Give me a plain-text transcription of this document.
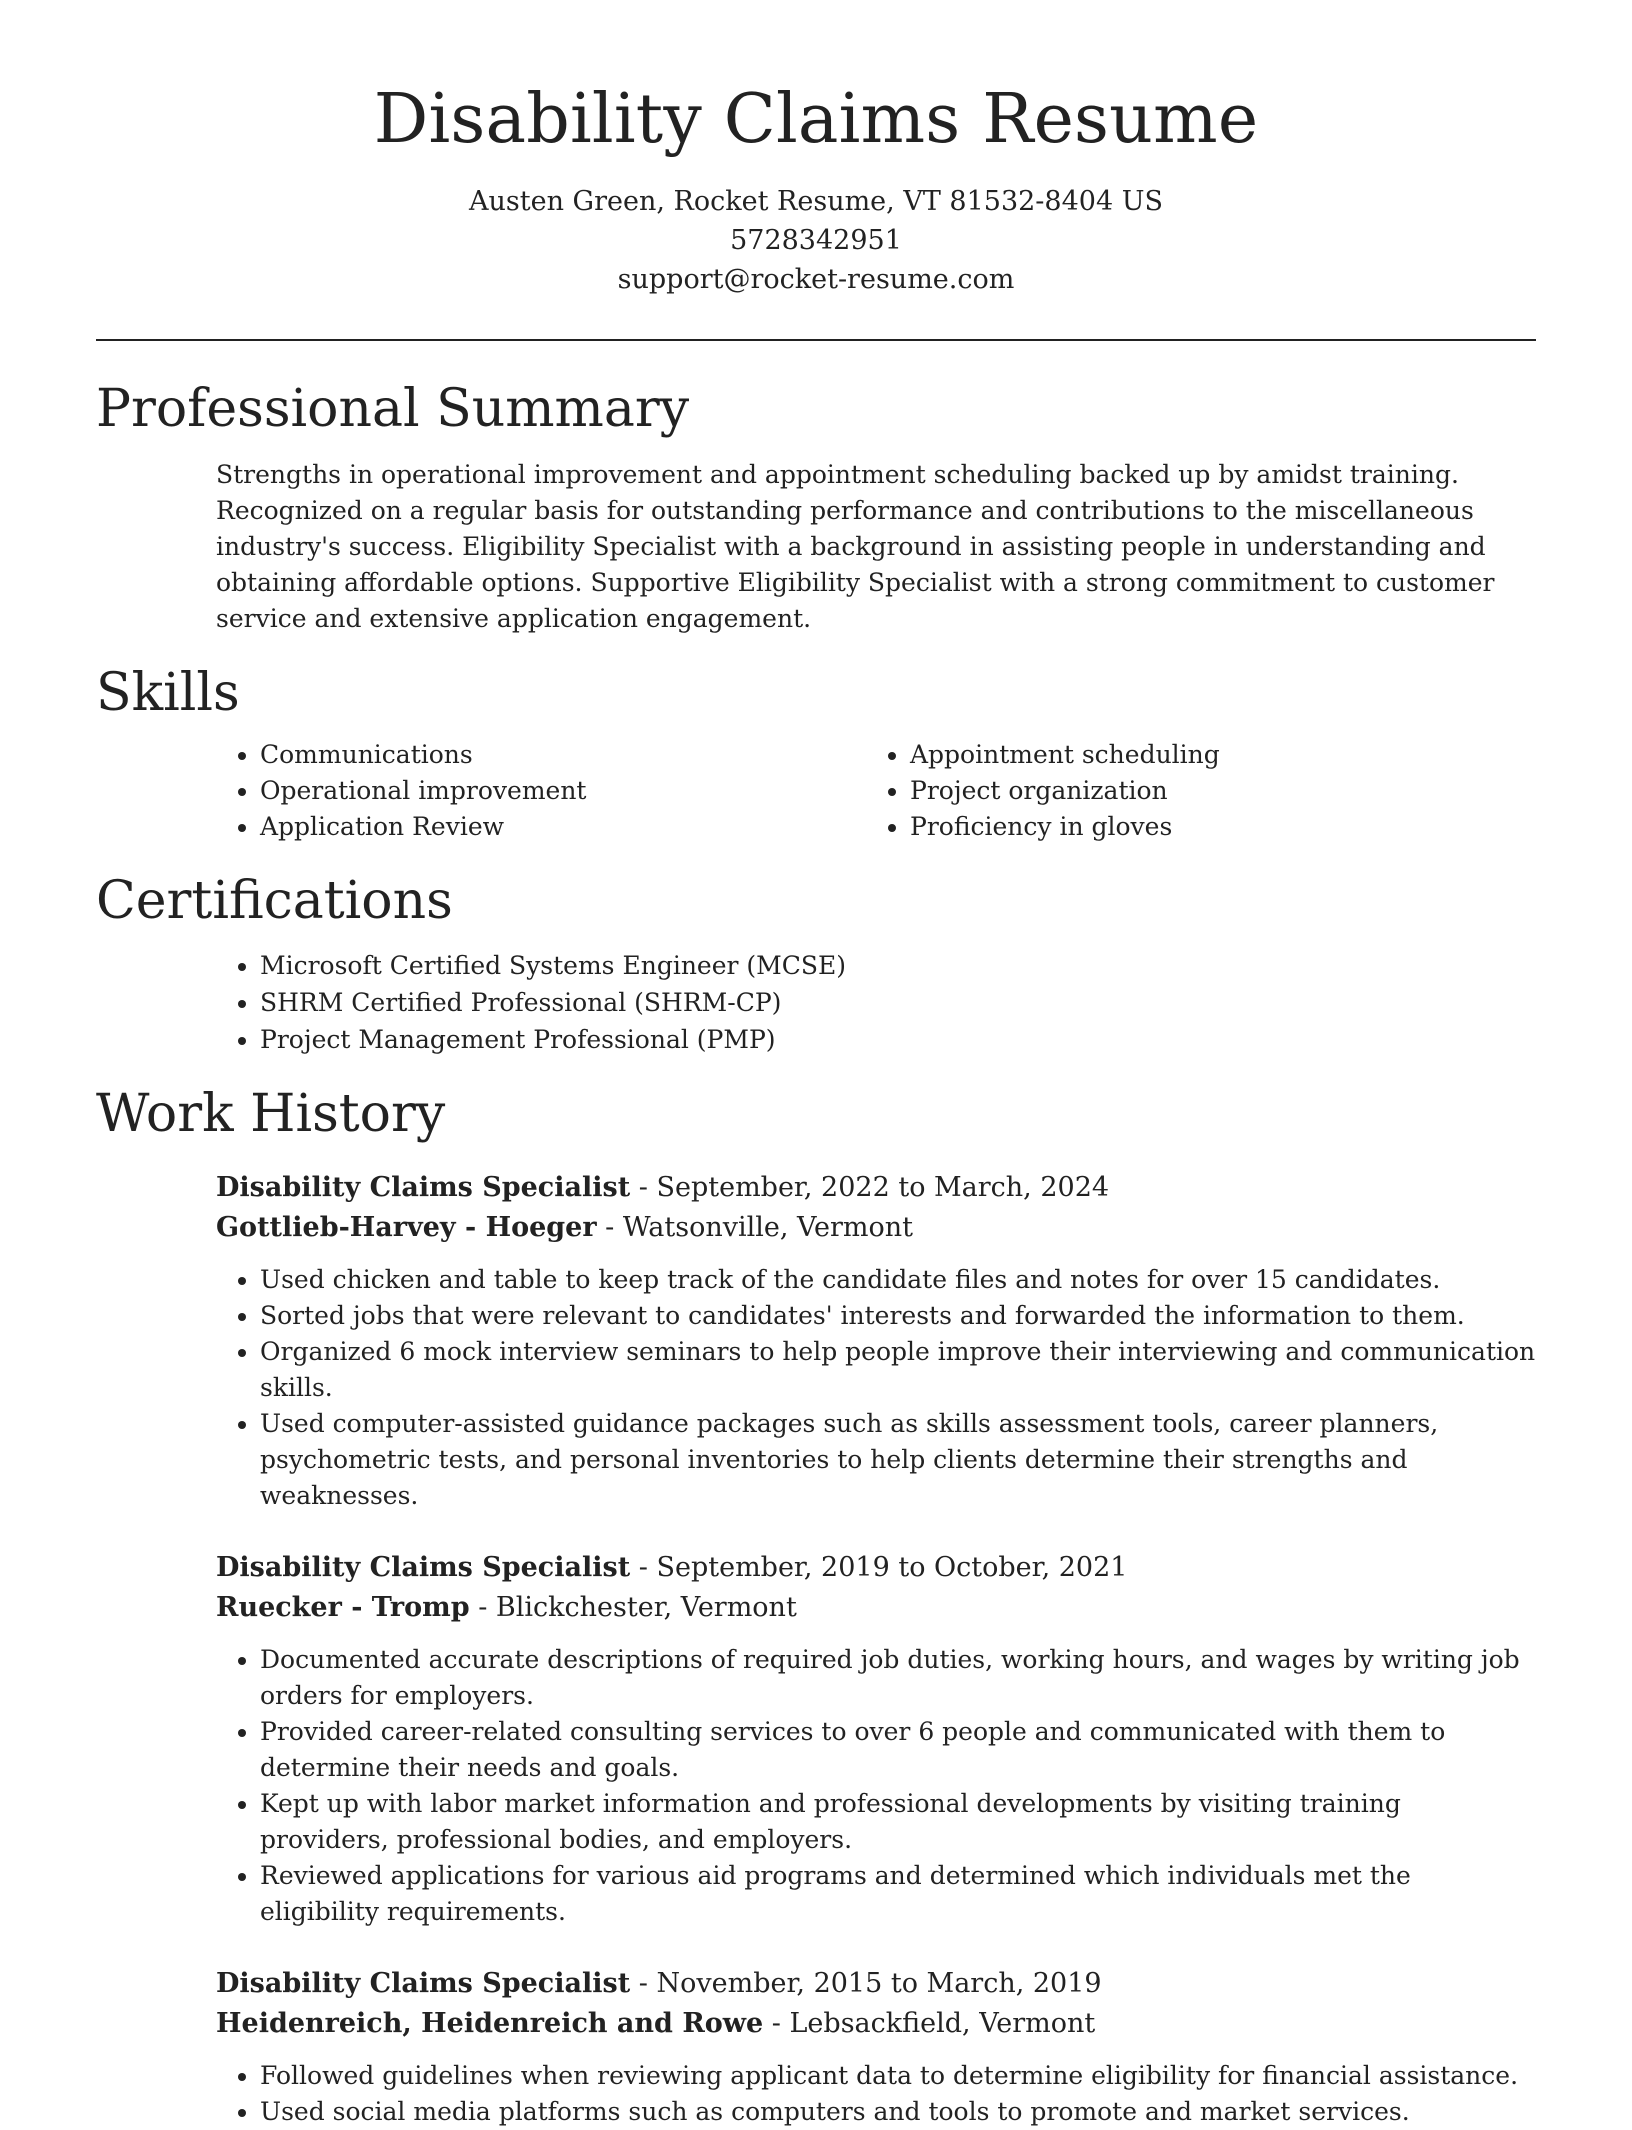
Disability Claims Resume
Austen Green, Rocket Resume, VT 81532-8404 US
5728342951
support@rocket-resume.com
Professional Summary

Strengths in operational improvement and appointment scheduling backed up by amidst training. Recognized on a regular basis for outstanding performance and contributions to the miscellaneous industry's success. Eligibility Specialist with a background in assisting people in understanding and obtaining affordable options. Supportive Eligibility Specialist with a strong commitment to customer service and extensive application engagement.

Skills
• Communications
• Operational improvement
• Application Review
• Appointment scheduling
• Project organization
• Proficiency in gloves
Certifications
• Microsoft Certified Systems Engineer (MCSE)
• SHRM Certified Professional (SHRM-CP)
• Project Management Professional (PMP)
Work History
Disability Claims Specialist - September, 2022 to March, 2024
Gottlieb-Harvey - Hoeger - Watsonville, Vermont
• Used chicken and table to keep track of the candidate files and notes for over 15 candidates.
• Sorted jobs that were relevant to candidates' interests and forwarded the information to them.
• Organized 6 mock interview seminars to help people improve their interviewing and communication skills.
• Used computer-assisted guidance packages such as skills assessment tools, career planners, psychometric tests, and personal inventories to help clients determine their strengths and weaknesses.
Disability Claims Specialist - September, 2019 to October, 2021
Ruecker - Tromp - Blickchester, Vermont
• Documented accurate descriptions of required job duties, working hours, and wages by writing job orders for employers.
• Provided career-related consulting services to over 6 people and communicated with them to determine their needs and goals.
• Kept up with labor market information and professional developments by visiting training providers, professional bodies, and employers.
• Reviewed applications for various aid programs and determined which individuals met the eligibility requirements.
Disability Claims Specialist - November, 2015 to March, 2019
Heidenreich, Heidenreich and Rowe - Lebsackfield, Vermont
• Followed guidelines when reviewing applicant data to determine eligibility for financial assistance.
• Used social media platforms such as computers and tools to promote and market services.
